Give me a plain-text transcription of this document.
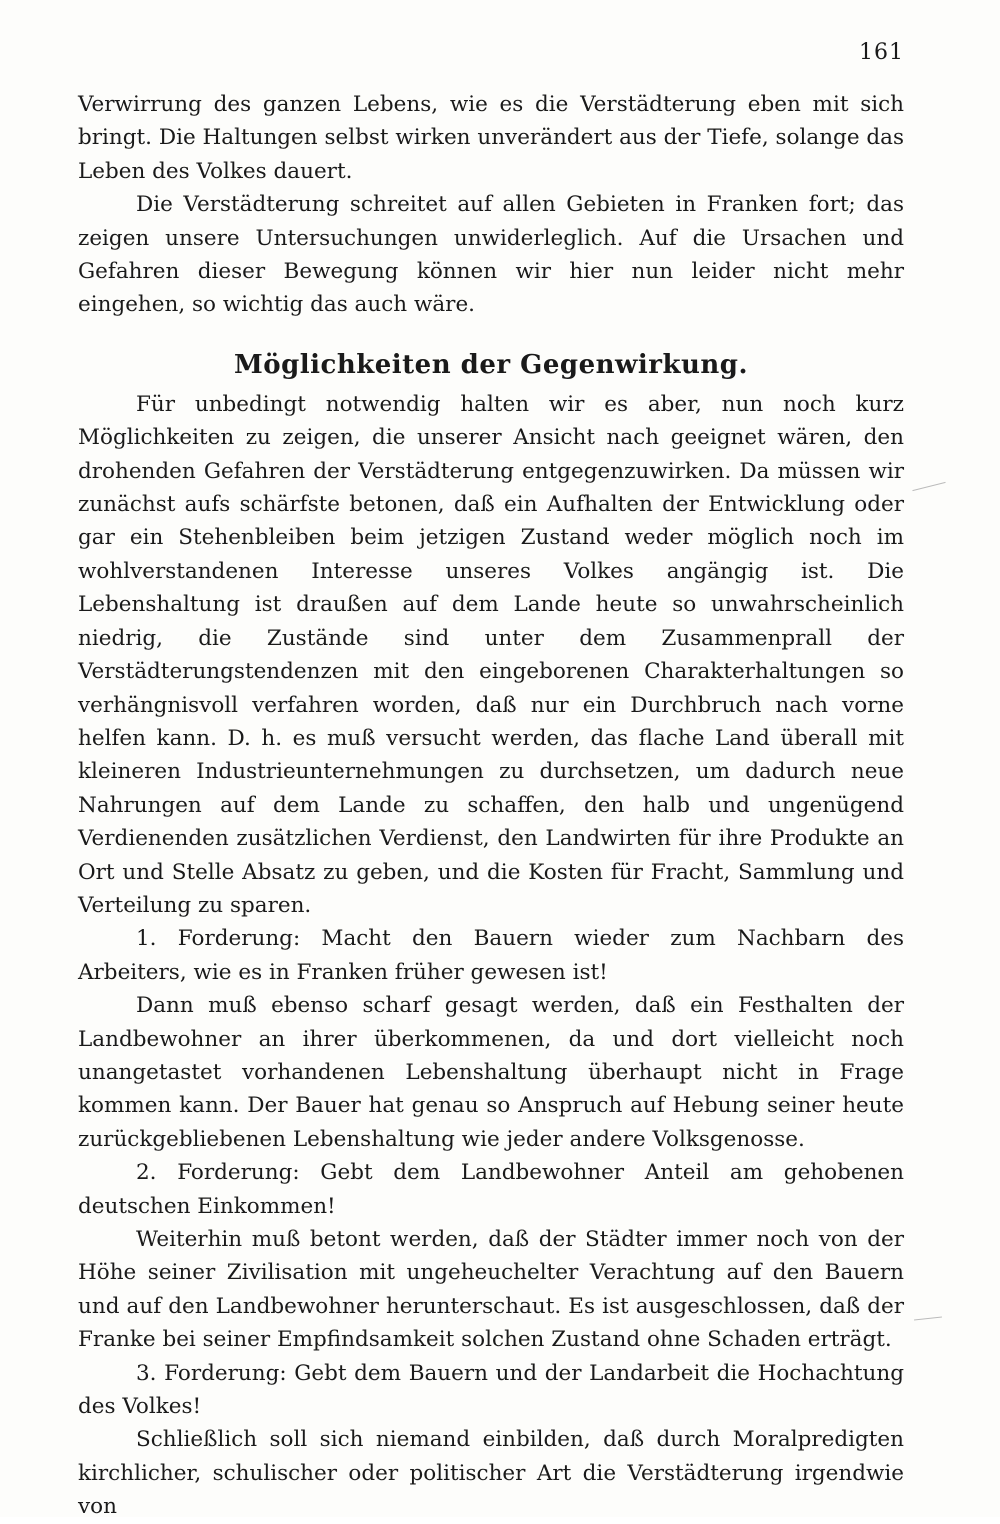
161

Verwirrung des ganzen Lebens, wie es die Verstädterung eben mit sich bringt. Die Haltungen selbst wirken unverändert aus der Tiefe, solange das Leben des Volkes dauert.

Die Verstädterung schreitet auf allen Gebieten in Franken fort; das zeigen unsere Untersuchungen unwiderleglich. Auf die Ursachen und Gefahren dieser Bewegung können wir hier nun leider nicht mehr eingehen, so wichtig das auch wäre.

Möglichkeiten der Gegenwirkung.

Für unbedingt notwendig halten wir es aber, nun noch kurz Möglichkeiten zu zeigen, die unserer Ansicht nach geeignet wären, den drohenden Gefahren der Verstädterung entgegenzuwirken. Da müssen wir zunächst aufs schärfste betonen, daß ein Aufhalten der Entwicklung oder gar ein Stehenbleiben beim jetzigen Zustand weder möglich noch im wohlverstandenen Interesse unseres Volkes angängig ist. Die Lebenshaltung ist draußen auf dem Lande heute so unwahrscheinlich niedrig, die Zustände sind unter dem Zusammenprall der Verstädterungstendenzen mit den eingeborenen Charakterhaltungen so verhängnisvoll verfahren worden, daß nur ein Durchbruch nach vorne helfen kann. D. h. es muß versucht werden, das flache Land überall mit kleineren Industrieunternehmungen zu durchsetzen, um dadurch neue Nahrungen auf dem Lande zu schaffen, den halb und ungenügend Verdienenden zusätzlichen Verdienst, den Landwirten für ihre Produkte an Ort und Stelle Absatz zu geben, und die Kosten für Fracht, Sammlung und Verteilung zu sparen.

1. Forderung: Macht den Bauern wieder zum Nachbarn des Arbeiters, wie es in Franken früher gewesen ist!

Dann muß ebenso scharf gesagt werden, daß ein Festhalten der Landbewohner an ihrer überkommenen, da und dort vielleicht noch unangetastet vorhandenen Lebenshaltung überhaupt nicht in Frage kommen kann. Der Bauer hat genau so Anspruch auf Hebung seiner heute zurückgebliebenen Lebenshaltung wie jeder andere Volksgenosse.

2. Forderung: Gebt dem Landbewohner Anteil am gehobenen deutschen Einkommen!

Weiterhin muß betont werden, daß der Städter immer noch von der Höhe seiner Zivilisation mit ungeheuchelter Verachtung auf den Bauern und auf den Landbewohner herunterschaut. Es ist ausgeschlossen, daß der Franke bei seiner Empfindsamkeit solchen Zustand ohne Schaden erträgt.

3. Forderung: Gebt dem Bauern und der Landarbeit die Hochachtung des Volkes!

Schließlich soll sich niemand einbilden, daß durch Moralpredigten kirchlicher, schulischer oder politischer Art die Verstädterung irgendwie von
